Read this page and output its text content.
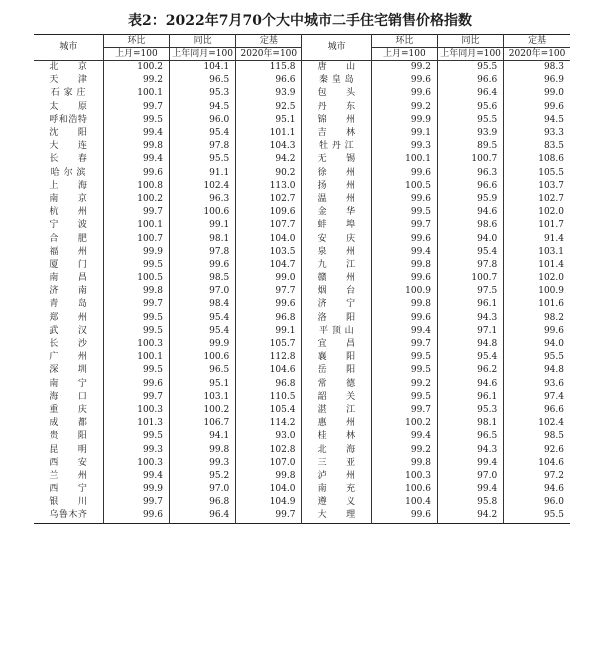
表2：2022年7月70个大中城市二手住宅销售价格指数
城市	环比	同比	定基	城市	环比	同比	定基
	上月=100	上年同月=100	2020年=100		上月=100	上年同月=100	2020年=100
北　　京	100.2	104.1	115.8	唐　　山	99.2	95.5	98.3
天　　津	99.2	96.5	96.6	秦 皇 岛	99.6	96.6	96.9
石 家 庄	100.1	95.3	93.9	包　　头	99.6	96.4	99.0
太　　原	99.7	94.5	92.5	丹　　东	99.2	95.6	99.6
呼和浩特	99.5	96.0	95.1	锦　　州	99.9	95.5	94.5
沈　　阳	99.4	95.4	101.1	吉　　林	99.1	93.9	93.3
大　　连	99.8	97.8	104.3	牡 丹 江	99.3	89.5	83.5
长　　春	99.4	95.5	94.2	无　　锡	100.1	100.7	108.6
哈 尔 滨	99.6	91.1	90.2	徐　　州	99.6	96.3	105.5
上　　海	100.8	102.4	113.0	扬　　州	100.5	96.6	103.7
南　　京	100.2	96.3	102.7	温　　州	99.6	95.9	102.7
杭　　州	99.7	100.6	109.6	金　　华	99.5	94.6	102.0
宁　　波	100.1	99.1	107.7	蚌　　埠	99.7	98.6	101.7
合　　肥	100.7	98.1	104.0	安　　庆	99.6	94.0	91.4
福　　州	99.9	97.8	103.5	泉　　州	99.4	95.4	103.1
厦　　门	99.5	99.6	104.7	九　　江	99.8	97.8	101.4
南　　昌	100.5	98.5	99.0	赣　　州	99.6	100.7	102.0
济　　南	99.8	97.0	97.7	烟　　台	100.9	97.5	100.9
青　　岛	99.7	98.4	99.6	济　　宁	99.8	96.1	101.6
郑　　州	99.5	95.4	96.8	洛　　阳	99.6	94.3	98.2
武　　汉	99.5	95.4	99.1	平 顶 山	99.4	97.1	99.6
长　　沙	100.3	99.9	105.7	宜　　昌	99.7	94.8	94.0
广　　州	100.1	100.6	112.8	襄　　阳	99.5	95.4	95.5
深　　圳	99.5	96.5	104.6	岳　　阳	99.5	96.2	94.8
南　　宁	99.6	95.1	96.8	常　　德	99.2	94.6	93.6
海　　口	99.7	103.1	110.5	韶　　关	99.5	96.1	97.4
重　　庆	100.3	100.2	105.4	湛　　江	99.7	95.3	96.6
成　　都	101.3	106.7	114.2	惠　　州	100.2	98.1	102.4
贵　　阳	99.5	94.1	93.0	桂　　林	99.4	96.5	98.5
昆　　明	99.3	99.8	102.8	北　　海	99.2	94.3	92.6
西　　安	100.3	99.3	107.0	三　　亚	99.8	99.4	104.6
兰　　州	99.4	95.2	99.8	泸　　州	100.3	97.0	97.2
西　　宁	99.9	97.0	104.0	南　　充	100.6	99.4	94.6
银　　川	99.7	96.8	104.9	遵　　义	100.4	95.8	96.0
乌鲁木齐	99.6	96.4	99.7	大　　理	99.6	94.2	95.5
